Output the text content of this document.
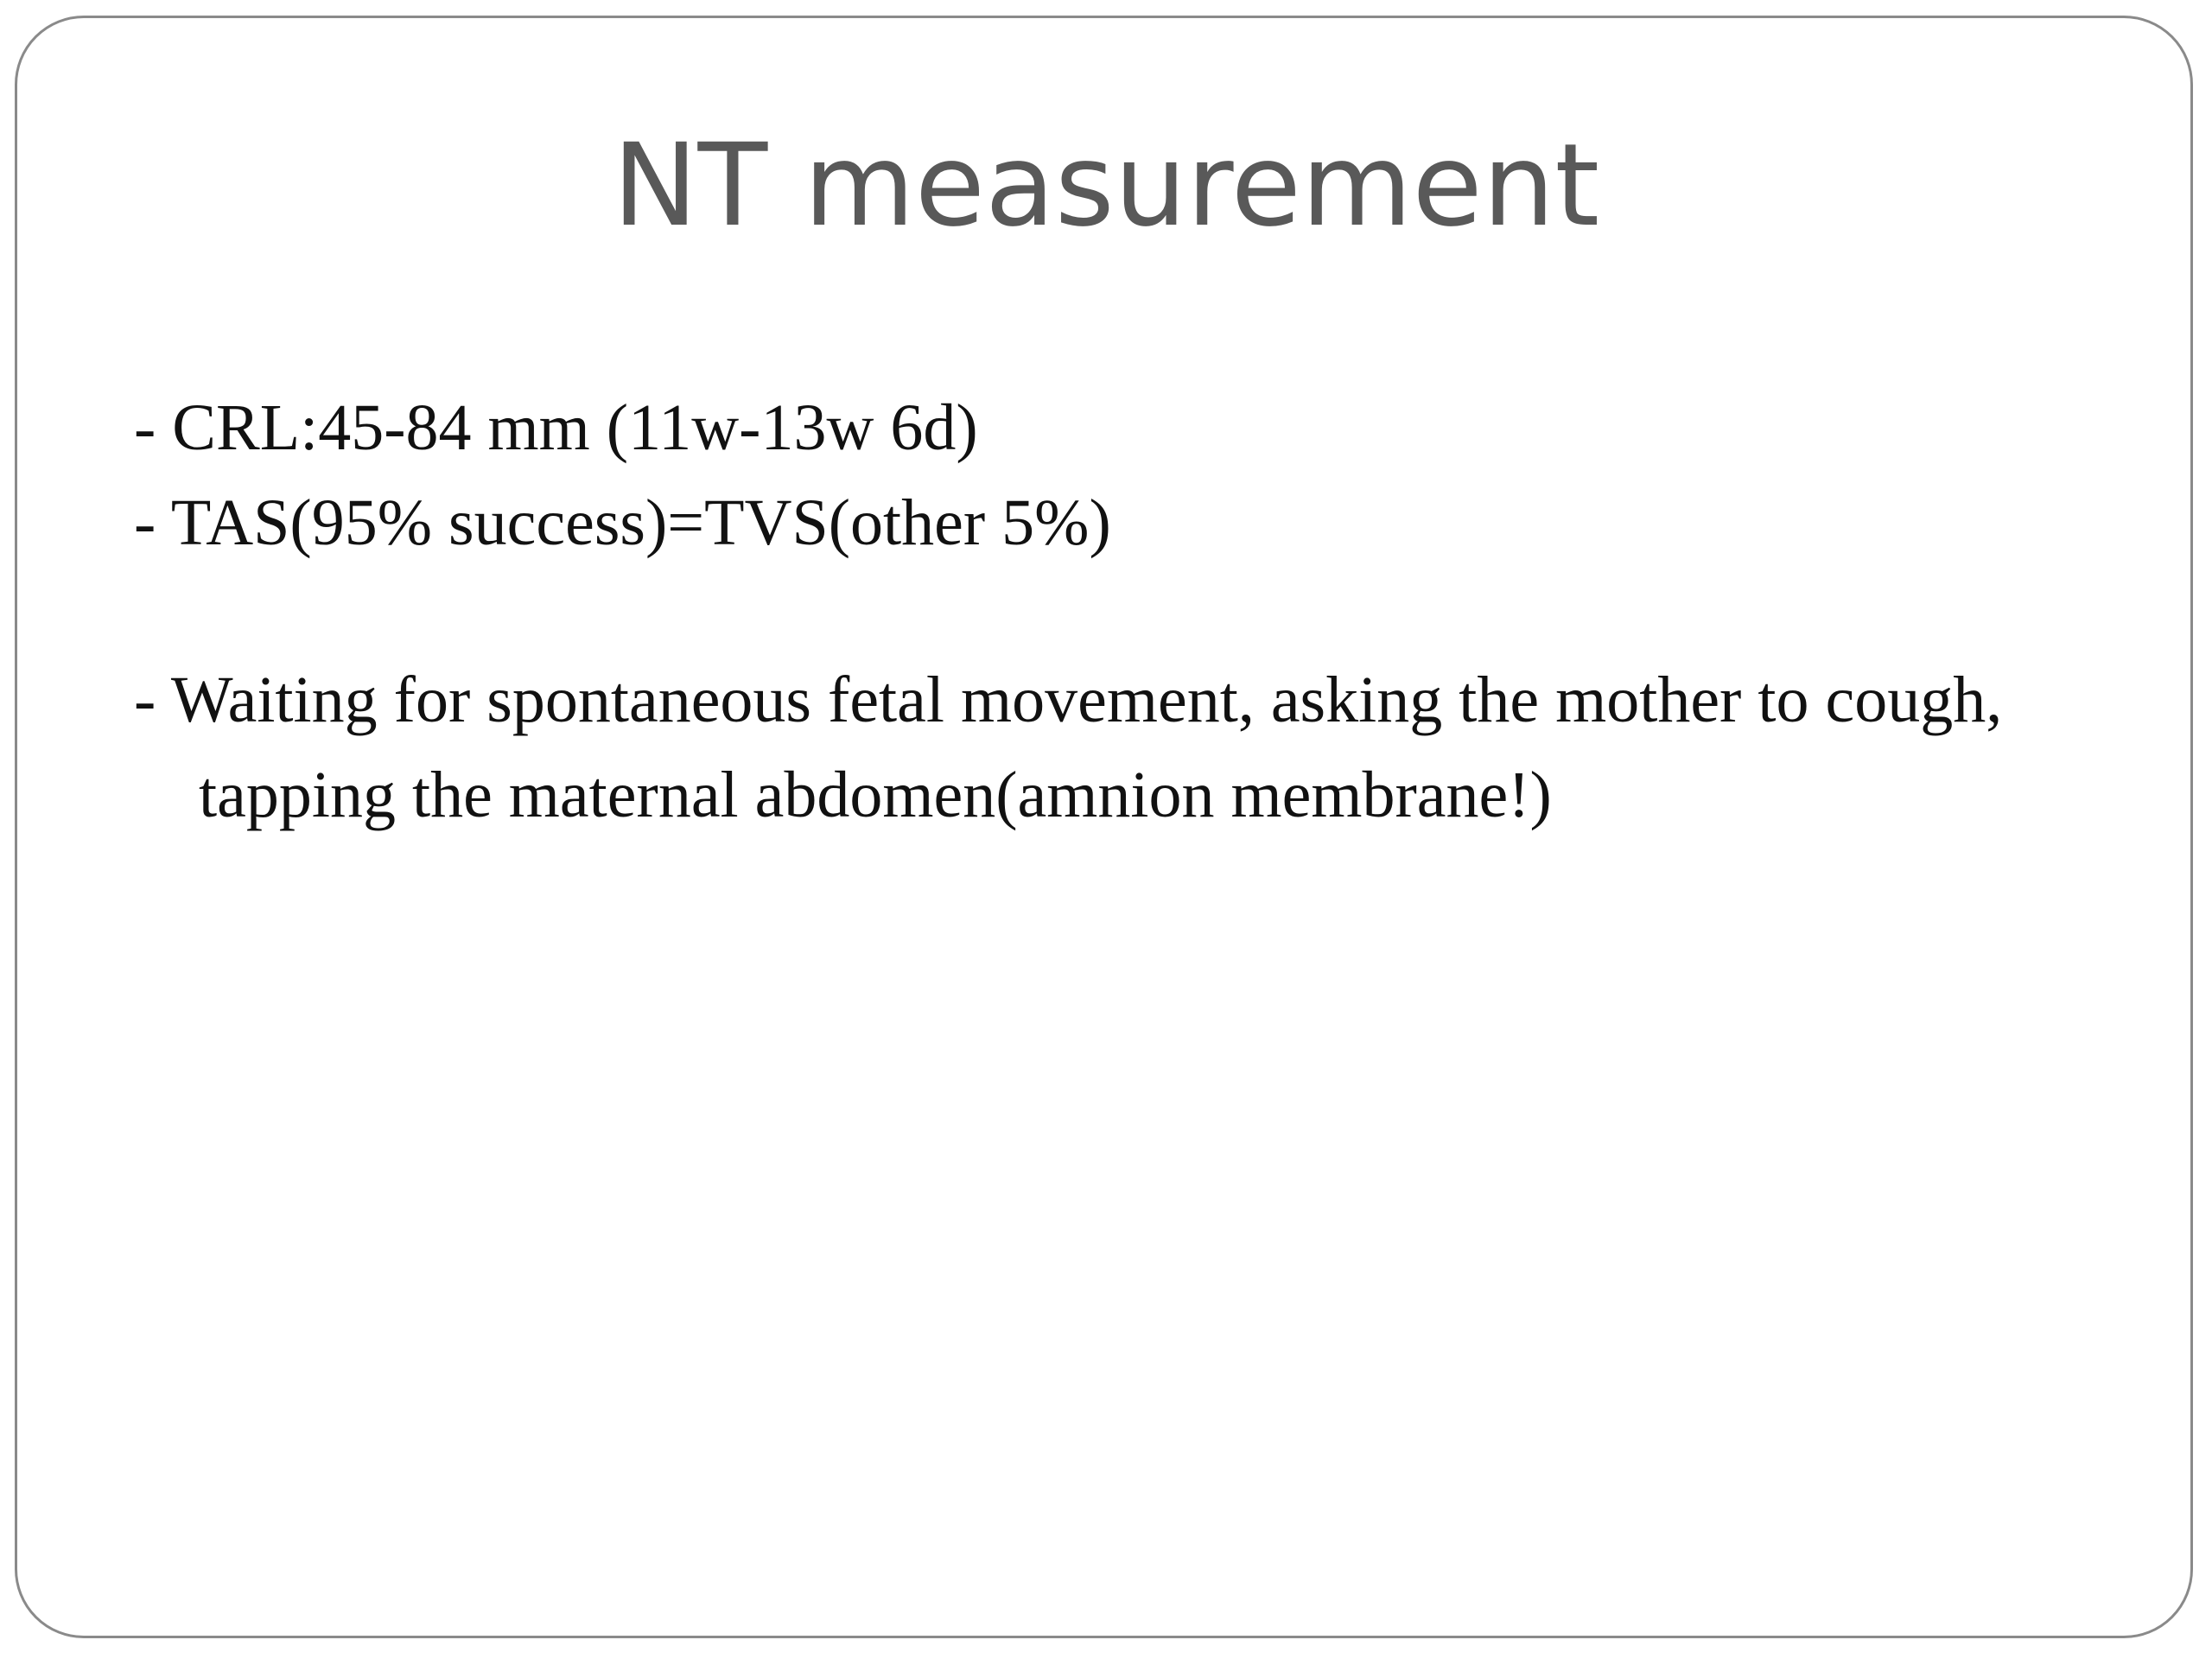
NT measurement
- CRL:45-84 mm (11w-13w 6d)
- TAS(95% success)=TVS(other 5%)
- Waiting for spontaneous fetal movement, asking the mother to cough, tapping the maternal abdomen(amnion membrane!)
